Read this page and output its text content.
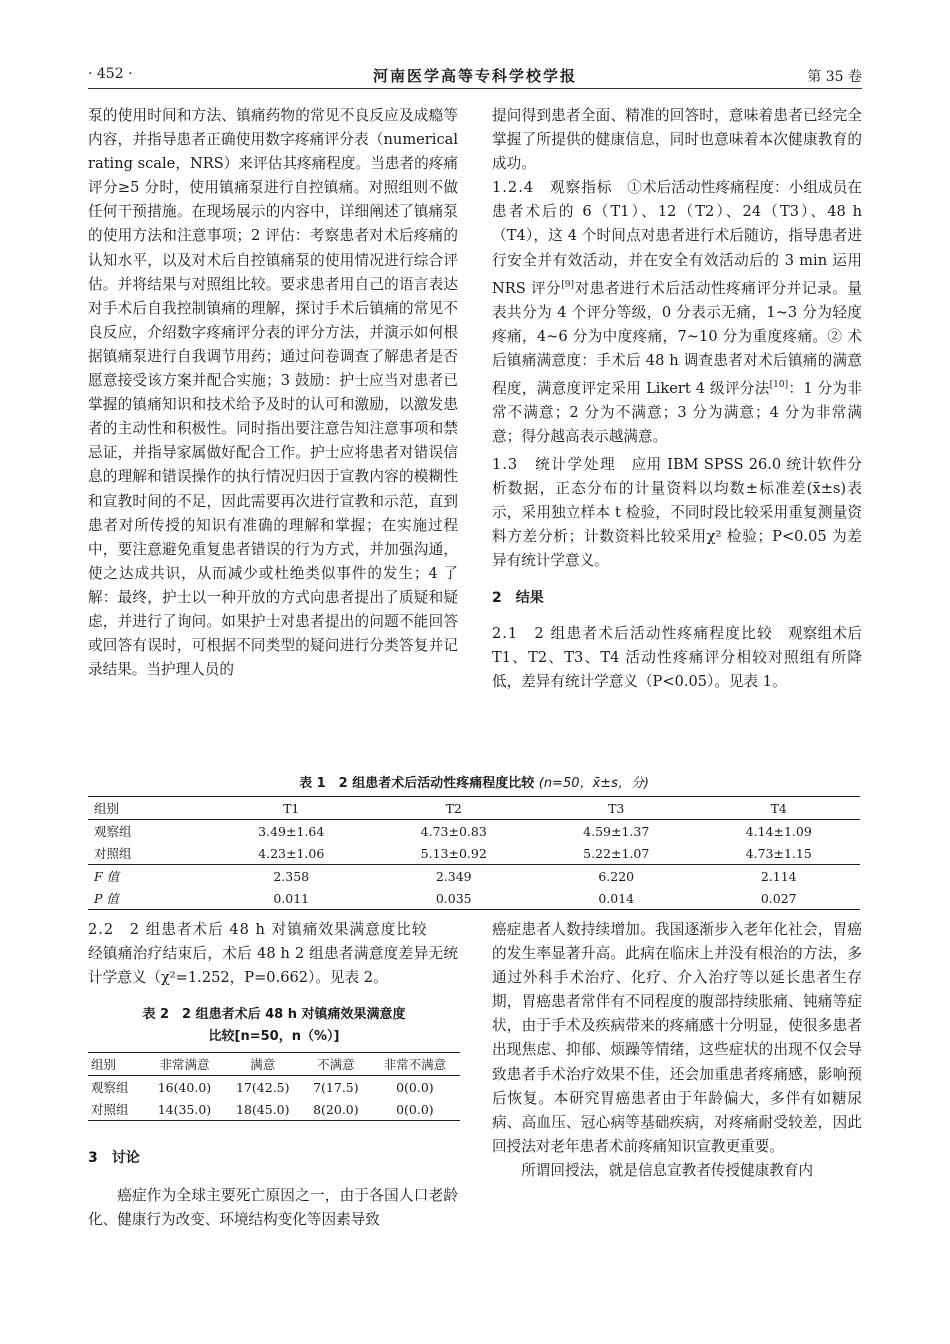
· 452 ·	河南医学高等专科学校学报	第 35 卷

泵的使用时间和方法、镇痛药物的常见不良反应及成瘾等内容，并指导患者正确使用数字疼痛评分表（numerical rating scale，NRS）来评估其疼痛程度。当患者的疼痛评分≥5 分时，使用镇痛泵进行自控镇痛。对照组则不做任何干预措施。在现场展示的内容中，详细阐述了镇痛泵的使用方法和注意事项；2 评估：考察患者对术后疼痛的认知水平，以及对术后自控镇痛泵的使用情况进行综合评估。并将结果与对照组比较。要求患者用自己的语言表达对手术后自我控制镇痛的理解，探讨手术后镇痛的常见不良反应，介绍数字疼痛评分表的评分方法，并演示如何根据镇痛泵进行自我调节用药；通过问卷调查了解患者是否愿意接受该方案并配合实施；3 鼓励：护士应当对患者已掌握的镇痛知识和技术给予及时的认可和激励，以激发患者的主动性和积极性。同时指出要注意告知注意事项和禁忌证，并指导家属做好配合工作。护士应将患者对错误信息的理解和错误操作的执行情况归因于宣教内容的模糊性和宣教时间的不足，因此需要再次进行宣教和示范，直到患者对所传授的知识有准确的理解和掌握；在实施过程中，要注意避免重复患者错误的行为方式，并加强沟通，使之达成共识，从而减少或杜绝类似事件的发生；4 了解：最终，护士以一种开放的方式向患者提出了质疑和疑虑，并进行了询问。如果护士对患者提出的问题不能回答或回答有误时，可根据不同类型的疑问进行分类答复并记录结果。当护理人员的

提问得到患者全面、精准的回答时，意味着患者已经完全掌握了所提供的健康信息，同时也意味着本次健康教育的成功。

1.2.4　观察指标　 ①术后活动性疼痛程度：小组成员在患者术后的 6（T1）、12（T2）、24（T3）、48 h（T4），这 4 个时间点对患者进行术后随访，指导患者进行安全并有效活动，并在安全有效活动后的 3 min 运用 NRS 评分[9]对患者进行术后活动性疼痛评分并记录。量表共分为 4 个评分等级，0 分表示无痛，1~3 分为轻度疼痛，4~6 分为中度疼痛，7~10 分为重度疼痛。② 术后镇痛满意度：手术后 48 h 调查患者对术后镇痛的满意程度，满意度评定采用 Likert 4 级评分法[10]：1 分为非常不满意；2 分为不满意；3 分为满意；4 分为非常满意；得分越高表示越满意。

1.3　统计学处理　 应用 IBM SPSS 26.0 统计软件分析数据，正态分布的计量资料以均数±标准差(x̄±s)表示，采用独立样本 t 检验，不同时段比较采用重复测量资料方差分析；计数资料比较采用χ² 检验；P<0.05 为差异有统计学意义。

2　结果

2.1　2 组患者术后活动性疼痛程度比较　 观察组术后 T1、T2、T3、T4 活动性疼痛评分相较对照组有所降低，差异有统计学意义（P<0.05）。见表 1。

表 1　2 组患者术后活动性疼痛程度比较 (n=50，x̄±s，分)
组别	T1	T2	T3	T4
观察组	3.49±1.64	4.73±0.83	4.59±1.37	4.14±1.09
对照组	4.23±1.06	5.13±0.92	5.22±1.07	4.73±1.15
F 值	2.358	2.349	6.220	2.114
P 值	0.011	0.035	0.014	0.027

2.2　2 组患者术后 48 h 对镇痛效果满意度比较

经镇痛治疗结束后，术后 48 h 2 组患者满意度差异无统计学意义（χ²=1.252，P=0.662）。见表 2。

表 2　2 组患者术后 48 h 对镇痛效果满意度
比较[n=50，n（%）]
组别	非常满意	满意	不满意	非常不满意
观察组	16(40.0)	17(42.5)	7(17.5)	0(0.0)
对照组	14(35.0)	18(45.0)	8(20.0)	0(0.0)

3　讨论

癌症作为全球主要死亡原因之一，由于各国人口老龄化、健康行为改变、环境结构变化等因素导致

癌症患者人数持续增加。我国逐渐步入老年化社会，胃癌的发生率显著升高。此病在临床上并没有根治的方法，多通过外科手术治疗、化疗、介入治疗等以延长患者生存期，胃癌患者常伴有不同程度的腹部持续胀痛、钝痛等症状，由于手术及疾病带来的疼痛感十分明显，使很多患者出现焦虑、抑郁、烦躁等情绪，这些症状的出现不仅会导致患者手术治疗效果不佳，还会加重患者疼痛感，影响预后恢复。本研究胃癌患者由于年龄偏大，多伴有如糖尿病、高血压、冠心病等基础疾病，对疼痛耐受较差，因此回授法对老年患者术前疼痛知识宣教更重要。

所谓回授法，就是信息宣教者传授健康教育内
